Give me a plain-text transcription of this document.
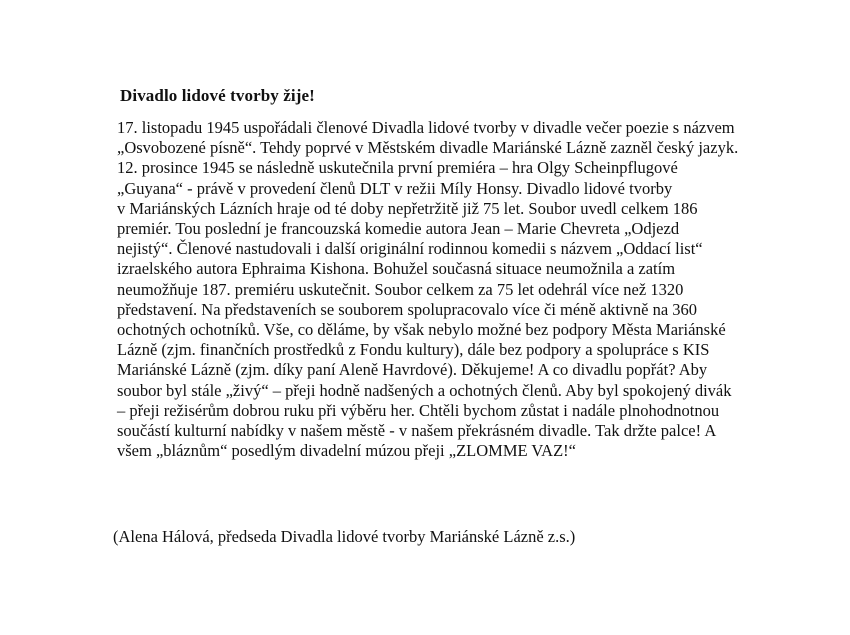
Divadlo lidové tvorby žije!
17. listopadu 1945 uspořádali členové Divadla lidové tvorby v divadle večer poezie s názvem
„Osvobozené písně“. Tehdy poprvé v Městském divadle Mariánské Lázně zazněl český jazyk.
12. prosince 1945 se následně uskutečnila první premiéra – hra Olgy Scheinpflugové
„Guyana“ - právě v provedení členů DLT v režii Míly Honsy. Divadlo lidové tvorby
v Mariánských Lázních hraje od té doby nepřetržitě již 75 let. Soubor uvedl celkem 186
premiér. Tou poslední je francouzská komedie autora Jean – Marie Chevreta „Odjezd
nejistý“. Členové nastudovali i další originální rodinnou komedii s názvem „Oddací list“
izraelského autora Ephraima Kishona. Bohužel současná situace neumožnila a zatím
neumožňuje 187. premiéru uskutečnit. Soubor celkem za 75 let odehrál více než 1320
představení. Na představeních se souborem spolupracovalo více či méně aktivně na 360
ochotných ochotníků. Vše, co děláme, by však nebylo možné bez podpory Města Mariánské
Lázně (zjm. finančních prostředků z Fondu kultury), dále bez podpory a spolupráce s KIS
Mariánské Lázně (zjm. díky paní Aleně Havrdové). Děkujeme! A co divadlu popřát? Aby
soubor byl stále „živý“ – přeji hodně nadšených a ochotných členů. Aby byl spokojený divák
– přeji režisérům dobrou ruku při výběru her. Chtěli bychom zůstat i nadále plnohodnotnou
součástí kulturní nabídky v našem městě - v našem překrásném divadle. Tak držte palce! A
všem „bláznům“ posedlým divadelní múzou přeji „ZLOMME VAZ!“
(Alena Hálová, předseda Divadla lidové tvorby Mariánské Lázně z.s.)
